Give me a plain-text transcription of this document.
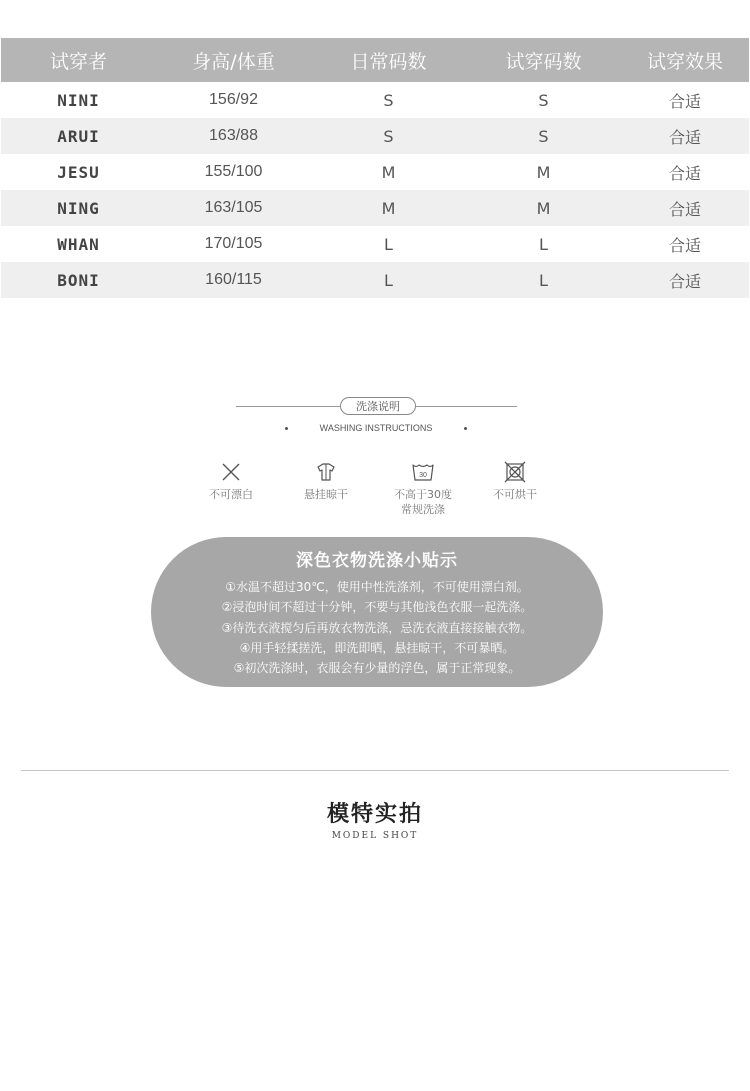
试穿者	身高/体重	日常码数	试穿码数	试穿效果
NINI	156/92	S	S	合适
ARUI	163/88	S	S	合适
JESU	155/100	M	M	合适
NING	163/105	M	M	合适
WHAN	170/105	L	L	合适
BONI	160/115	L	L	合适
洗涤说明
WASHING INSTRUCTIONS
不可漂白	悬挂晾干
30
不高于30度
常规洗涤
不可烘干
深色衣物洗涤小贴示
①水温不超过30℃，使用中性洗涤剂，不可使用漂白剂。
②浸泡时间不超过十分钟，不要与其他浅色衣服一起洗涤。
③待洗衣液搅匀后再放衣物洗涤，忌洗衣液直接接触衣物。
④用手轻揉搓洗，即洗即晒，悬挂晾干，不可暴晒。
⑤初次洗涤时，衣服会有少量的浮色，属于正常现象。
模特实拍
MODEL SHOT
